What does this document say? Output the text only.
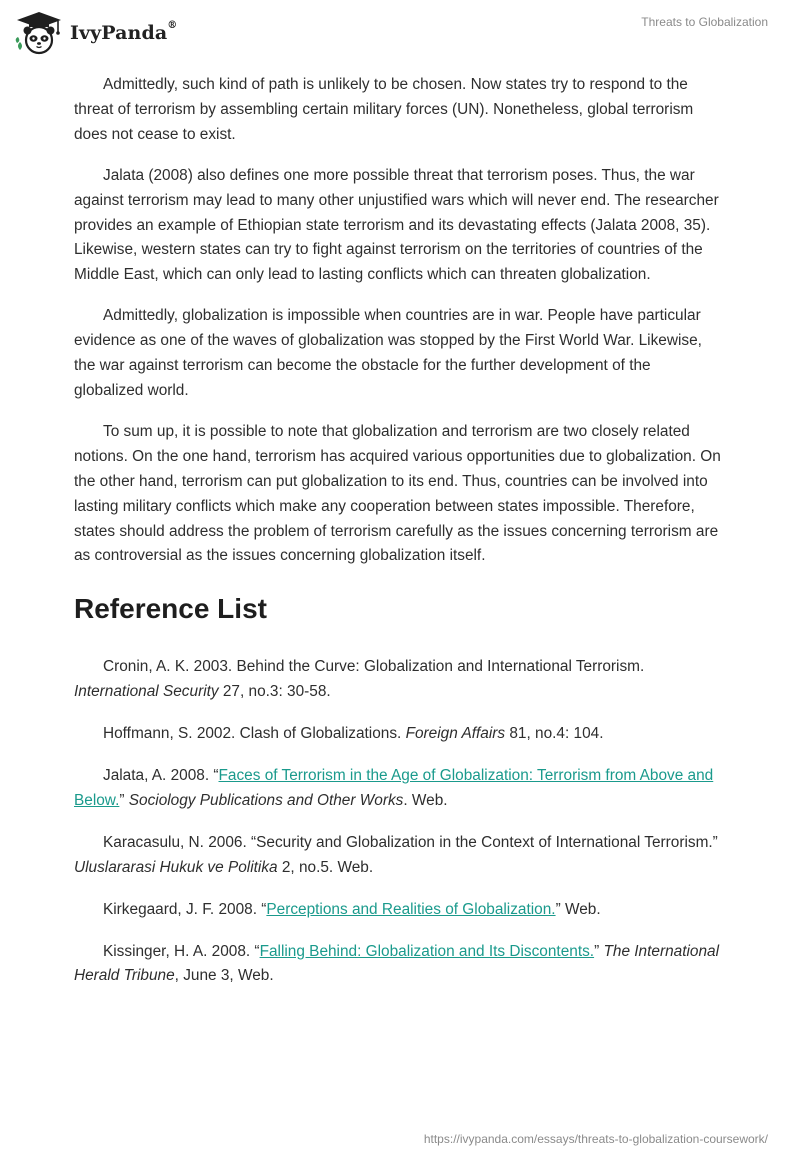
IvyPanda®	Threats to Globalization

Admittedly, such kind of path is unlikely to be chosen. Now states try to respond to the threat of terrorism by assembling certain military forces (UN). Nonetheless, global terrorism does not cease to exist.

Jalata (2008) also defines one more possible threat that terrorism poses. Thus, the war against terrorism may lead to many other unjustified wars which will never end. The researcher provides an example of Ethiopian state terrorism and its devastating effects (Jalata 2008, 35). Likewise, western states can try to fight against terrorism on the territories of countries of the Middle East, which can only lead to lasting conflicts which can threaten globalization.

Admittedly, globalization is impossible when countries are in war. People have particular evidence as one of the waves of globalization was stopped by the First World War. Likewise, the war against terrorism can become the obstacle for the further development of the globalized world.

To sum up, it is possible to note that globalization and terrorism are two closely related notions. On the one hand, terrorism has acquired various opportunities due to globalization. On the other hand, terrorism can put globalization to its end. Thus, countries can be involved into lasting military conflicts which make any cooperation between states impossible. Therefore, states should address the problem of terrorism carefully as the issues concerning terrorism are as controversial as the issues concerning globalization itself.

Reference List

Cronin, A. K. 2003. Behind the Curve: Globalization and International Terrorism. International Security 27, no.3: 30-58.

Hoffmann, S. 2002. Clash of Globalizations. Foreign Affairs 81, no.4: 104.

Jalata, A. 2008. “Faces of Terrorism in the Age of Globalization: Terrorism from Above and Below.” Sociology Publications and Other Works. Web.

Karacasulu, N. 2006. “Security and Globalization in the Context of International Terrorism.” Uluslararasi Hukuk ve Politika 2, no.5. Web.

Kirkegaard, J. F. 2008. “Perceptions and Realities of Globalization.” Web.

Kissinger, H. A. 2008. “Falling Behind: Globalization and Its Discontents.” The International Herald Tribune, June 3, Web.

https://ivypanda.com/essays/threats-to-globalization-coursework/
